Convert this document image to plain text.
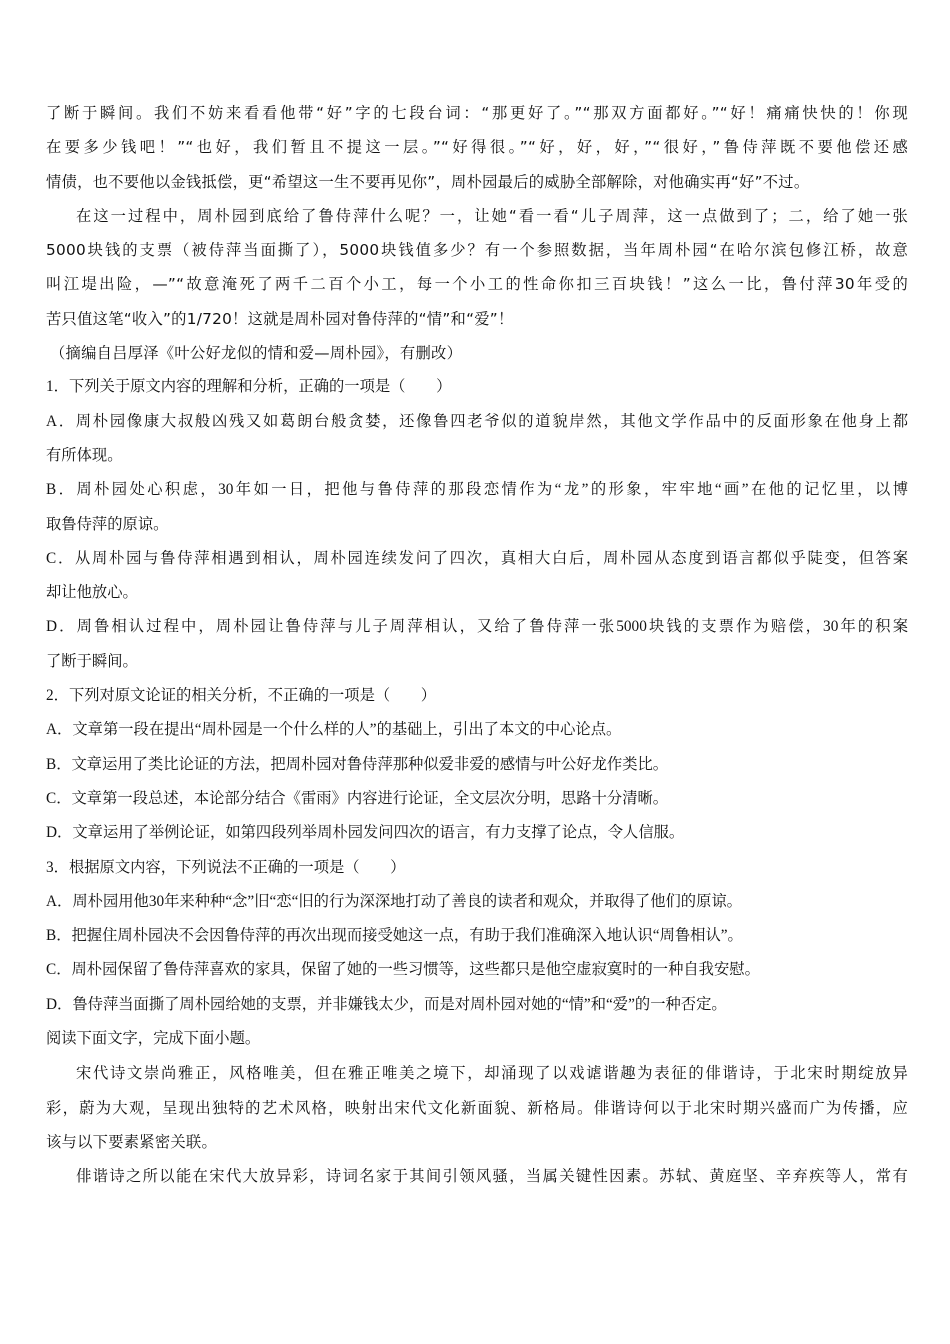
了断于瞬间。我们不妨来看看他带“好”字的七段台词：“那更好了。”“那双方面都好。”“好！痛痛快快的！你现
在要多少钱吧！”“也好，我们暂且不提这一层。”“好得很。”“好，好，好，”“很好，”鲁侍萍既不要他偿还感
情债，也不要他以金钱抵偿，更“希望这一生不要再见你”，周朴园最后的威胁全部解除，对他确实再“好”不过。
在这一过程中，周朴园到底给了鲁侍萍什么呢？一，让她“看一看“儿子周萍，这一点做到了；二，给了她一张
5000块钱的支票（被侍萍当面撕了），5000块钱值多少？有一个参照数据，当年周朴园“在哈尔滨包修江桥，故意
叫江堤出险，—”“故意淹死了两千二百个小工，每一个小工的性命你扣三百块钱！”这么一比，鲁付萍30年受的
苦只值这笔“收入”的1/720！这就是周朴园对鲁侍萍的“情”和“爱”！
（摘编自吕厚泽《叶公好龙似的情和爱—周朴园》，有删改）
1．下列关于原文内容的理解和分析，正确的一项是（　　）
A．周朴园像康大叔般凶残又如葛朗台般贪婪，还像鲁四老爷似的道貌岸然，其他文学作品中的反面形象在他身上都
有所体现。
B．周朴园处心积虑，30年如一日，把他与鲁侍萍的那段恋情作为“龙”的形象，牢牢地“画”在他的记忆里，以博
取鲁侍萍的原谅。
C．从周朴园与鲁侍萍相遇到相认，周朴园连续发问了四次，真相大白后，周朴园从态度到语言都似乎陡变，但答案
却让他放心。
D．周鲁相认过程中，周朴园让鲁侍萍与儿子周萍相认，又给了鲁侍萍一张5000块钱的支票作为赔偿，30年的积案
了断于瞬间。
2．下列对原文论证的相关分析，不正确的一项是（　　）
A．文章第一段在提出“周朴园是一个什么样的人”的基础上，引出了本文的中心论点。
B．文章运用了类比论证的方法，把周朴园对鲁侍萍那种似爱非爱的感情与叶公好龙作类比。
C．文章第一段总述，本论部分结合《雷雨》内容进行论证，全文层次分明，思路十分清晰。
D．文章运用了举例论证，如第四段列举周朴园发问四次的语言，有力支撑了论点，令人信服。
3．根据原文内容，下列说法不正确的一项是（　　）
A．周朴园用他30年来种种“念”旧“恋“旧的行为深深地打动了善良的读者和观众，并取得了他们的原谅。
B．把握住周朴园决不会因鲁侍萍的再次出现而接受她这一点，有助于我们准确深入地认识“周鲁相认”。
C．周朴园保留了鲁侍萍喜欢的家具，保留了她的一些习惯等，这些都只是他空虚寂寞时的一种自我安慰。
D．鲁侍萍当面撕了周朴园给她的支票，并非嫌钱太少，而是对周朴园对她的“情”和“爱”的一种否定。
阅读下面文字，完成下面小题。
宋代诗文崇尚雅正，风格唯美，但在雅正唯美之境下，却涌现了以戏谑谐趣为表征的俳谐诗，于北宋时期绽放异
彩，蔚为大观，呈现出独特的艺术风格，映射出宋代文化新面貌、新格局。俳谐诗何以于北宋时期兴盛而广为传播，应
该与以下要素紧密关联。
俳谐诗之所以能在宋代大放异彩，诗词名家于其间引领风骚，当属关键性因素。苏轼、黄庭坚、辛弃疾等人，常有
